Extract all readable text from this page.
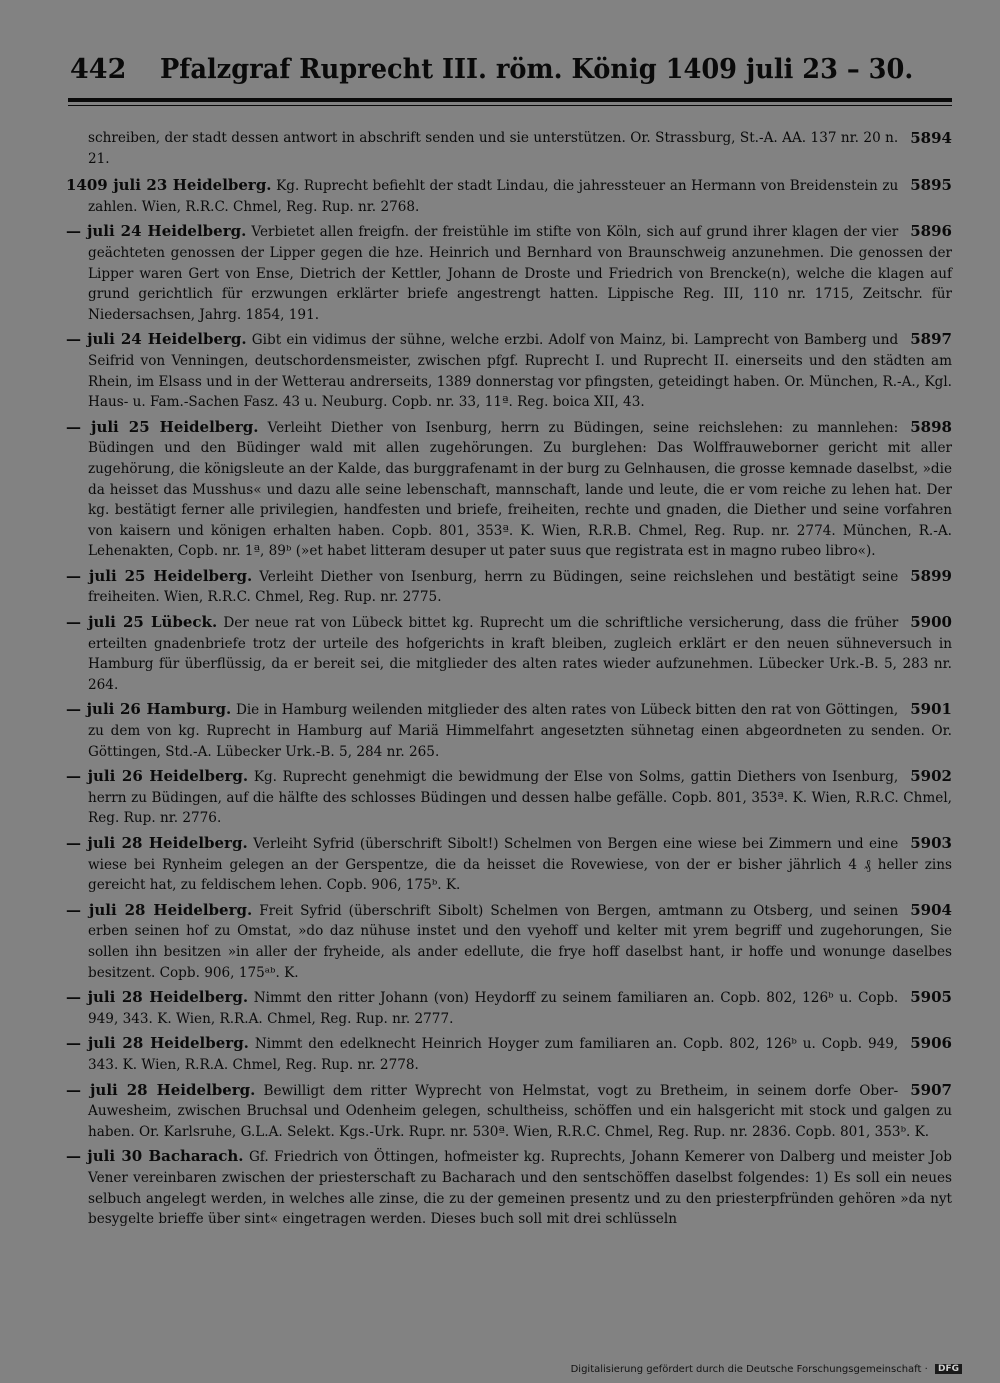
442 Pfalzgraf Ruprecht III. röm. König 1409 juli 23 – 30.
5894
schreiben, der stadt dessen antwort in abschrift senden und sie unterstützen. Or. Strassburg, St.-A. AA. 137 nr. 20 n. 21.
5895
1409 juli 23 Heidelberg. Kg. Ruprecht befiehlt der stadt Lindau, die jahressteuer an Hermann von Breidenstein zu zahlen. Wien, R.R.C. Chmel, Reg. Rup. nr. 2768.
5896
— juli 24 Heidelberg. Verbietet allen freigfn. der freistühle im stifte von Köln, sich auf grund ihrer klagen der vier geächteten genossen der Lipper gegen die hze. Heinrich und Bernhard von Braunschweig anzunehmen. Die genossen der Lipper waren Gert von Ense, Dietrich der Kettler, Johann de Droste und Friedrich von Brencke(n), welche die klagen auf grund gerichtlich für erzwungen erklärter briefe angestrengt hatten. Lippische Reg. III, 110 nr. 1715, Zeitschr. für Niedersachsen, Jahrg. 1854, 191.
5897
— juli 24 Heidelberg. Gibt ein vidimus der sühne, welche erzbi. Adolf von Mainz, bi. Lamprecht von Bamberg und Seifrid von Venningen, deutschordensmeister, zwischen pfgf. Ruprecht I. und Ruprecht II. einerseits und den städten am Rhein, im Elsass und in der Wetterau andrerseits, 1389 donnerstag vor pfingsten, geteidingt haben. Or. München, R.-A., Kgl. Haus- u. Fam.-Sachen Fasz. 43 u. Neuburg. Copb. nr. 33, 11ª. Reg. boica XII, 43.
5898
— juli 25 Heidelberg. Verleiht Diether von Isenburg, herrn zu Büdingen, seine reichslehen: zu mannlehen: Büdingen und den Büdinger wald mit allen zugehörungen. Zu burglehen: Das Wolffrauweborner gericht mit aller zugehörung, die königsleute an der Kalde, das burggrafenamt in der burg zu Gelnhausen, die grosse kemnade daselbst, »die da heisset das Musshus« und dazu alle seine lebenschaft, mannschaft, lande und leute, die er vom reiche zu lehen hat. Der kg. bestätigt ferner alle privilegien, handfesten und briefe, freiheiten, rechte und gnaden, die Diether und seine vorfahren von kaisern und königen erhalten haben. Copb. 801, 353ª. K. Wien, R.R.B. Chmel, Reg. Rup. nr. 2774. München, R.-A. Lehenakten, Copb. nr. 1ª, 89ᵇ (»et habet litteram desuper ut pater suus que registrata est in magno rubeo libro«).
5899
— juli 25 Heidelberg. Verleiht Diether von Isenburg, herrn zu Büdingen, seine reichslehen und bestätigt seine freiheiten. Wien, R.R.C. Chmel, Reg. Rup. nr. 2775.
5900
— juli 25 Lübeck. Der neue rat von Lübeck bittet kg. Ruprecht um die schriftliche versicherung, dass die früher erteilten gnadenbriefe trotz der urteile des hofgerichts in kraft bleiben, zugleich erklärt er den neuen sühneversuch in Hamburg für überflüssig, da er bereit sei, die mitglieder des alten rates wieder aufzunehmen. Lübecker Urk.-B. 5, 283 nr. 264.
5901
— juli 26 Hamburg. Die in Hamburg weilenden mitglieder des alten rates von Lübeck bitten den rat von Göttingen, zu dem von kg. Ruprecht in Hamburg auf Mariä Himmelfahrt angesetzten sühnetag einen abgeordneten zu senden. Or. Göttingen, Std.-A. Lübecker Urk.-B. 5, 284 nr. 265.
5902
— juli 26 Heidelberg. Kg. Ruprecht genehmigt die bewidmung der Else von Solms, gattin Diethers von Isenburg, herrn zu Büdingen, auf die hälfte des schlosses Büdingen und dessen halbe gefälle. Copb. 801, 353ª. K. Wien, R.R.C. Chmel, Reg. Rup. nr. 2776.
5903
— juli 28 Heidelberg. Verleiht Syfrid (überschrift Sibolt!) Schelmen von Bergen eine wiese bei Zimmern und eine wiese bei Rynheim gelegen an der Gerspentze, die da heisset die Rovewiese, von der er bisher jährlich 4 ₰ heller zins gereicht hat, zu feldischem lehen. Copb. 906, 175ᵇ. K.
5904
— juli 28 Heidelberg. Freit Syfrid (überschrift Sibolt) Schelmen von Bergen, amtmann zu Otsberg, und seinen erben seinen hof zu Omstat, »do daz nühuse instet und den vyehoff und kelter mit yrem begriff und zugehorungen, Sie sollen ihn besitzen »in aller der fryheide, als ander edellute, die frye hoff daselbst hant, ir hoffe und wonunge daselbes besitzent. Copb. 906, 175ᵃᵇ. K.
5905
— juli 28 Heidelberg. Nimmt den ritter Johann (von) Heydorff zu seinem familiaren an. Copb. 802, 126ᵇ u. Copb. 949, 343. K. Wien, R.R.A. Chmel, Reg. Rup. nr. 2777.
5906
— juli 28 Heidelberg. Nimmt den edelknecht Heinrich Hoyger zum familiaren an. Copb. 802, 126ᵇ u. Copb. 949, 343. K. Wien, R.R.A. Chmel, Reg. Rup. nr. 2778.
5907
— juli 28 Heidelberg. Bewilligt dem ritter Wyprecht von Helmstat, vogt zu Bretheim, in seinem dorfe Ober-Auwesheim, zwischen Bruchsal und Odenheim gelegen, schultheiss, schöffen und ein halsgericht mit stock und galgen zu haben. Or. Karlsruhe, G.L.A. Selekt. Kgs.-Urk. Rupr. nr. 530ª. Wien, R.R.C. Chmel, Reg. Rup. nr. 2836. Copb. 801, 353ᵇ. K.
— juli 30 Bacharach. Gf. Friedrich von Öttingen, hofmeister kg. Ruprechts, Johann Kemerer von Dalberg und meister Job Vener vereinbaren zwischen der priesterschaft zu Bacharach und den sentschöffen daselbst folgendes: 1) Es soll ein neues selbuch angelegt werden, in welches alle zinse, die zu der gemeinen presentz und zu den priesterpfründen gehören »da nyt besygelte brieffe über sint« eingetragen werden. Dieses buch soll mit drei schlüsseln
Digitalisierung gefördert durch die Deutsche Forschungsgemeinschaft · DFG
